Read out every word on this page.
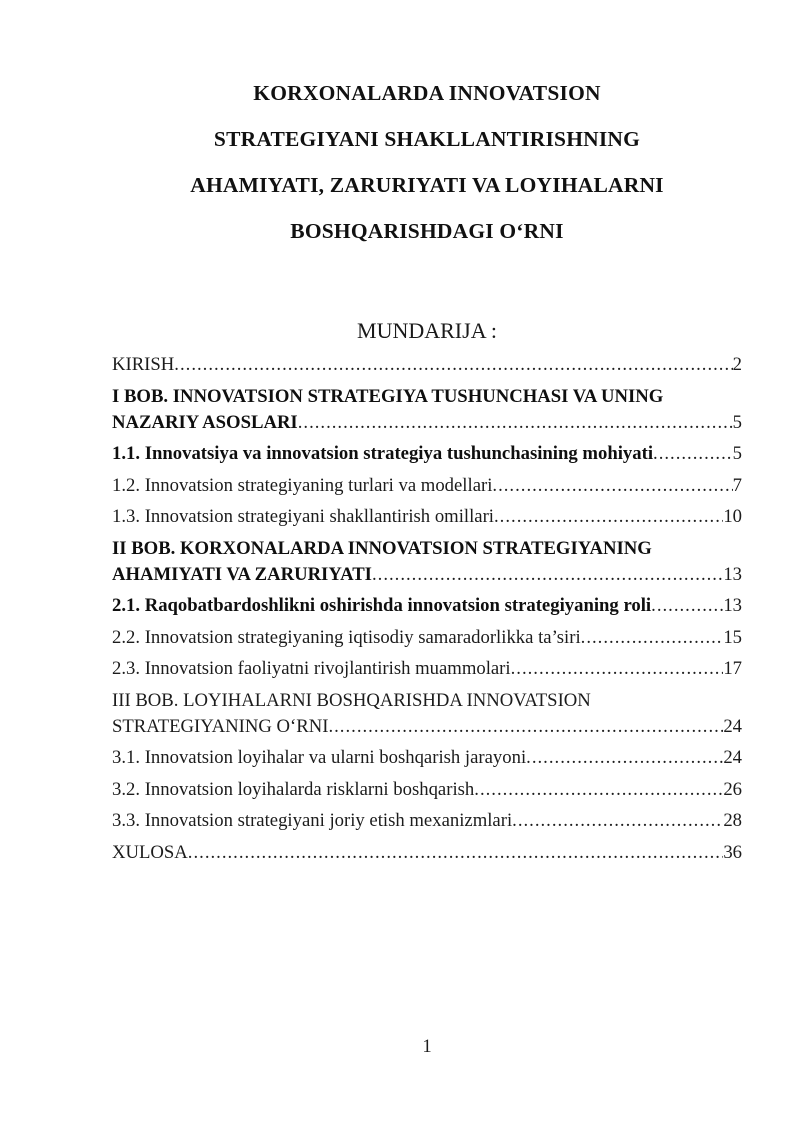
KORXONALARDA INNOVATSION
STRATEGIYANI SHAKLLANTIRISHNING
AHAMIYATI, ZARURIYATI VA LOYIHALARNI
BOSHQARISHDAGI O‘RNI
MUNDARIJA :
KIRISH .....	2
I BOB. INNOVATSION STRATEGIYA TUSHUNCHASI VA UNING
NAZARIY ASOSLARI .....	5
1.1. Innovatsiya va innovatsion strategiya tushunchasining mohiyati .....	5
1.2. Innovatsion strategiyaning turlari va modellari .....	7
1.3. Innovatsion strategiyani shakllantirish omillari .....	10
II BOB. KORXONALARDA INNOVATSION STRATEGIYANING
AHAMIYATI VA ZARURIYATI .....	13
2.1. Raqobatbardoshlikni oshirishda innovatsion strategiyaning roli .....	13
2.2. Innovatsion strategiyaning iqtisodiy samaradorlikka ta’siri .....	15
2.3. Innovatsion faoliyatni rivojlantirish muammolari .....	17
III BOB. LOYIHALARNI BOSHQARISHDA INNOVATSION
STRATEGIYANING O‘RNI .....	24
3.1. Innovatsion loyihalar va ularni boshqarish jarayoni .....	24
3.2. Innovatsion loyihalarda risklarni boshqarish .....	26
3.3. Innovatsion strategiyani joriy etish mexanizmlari .....	28
XULOSA .....	36
1
